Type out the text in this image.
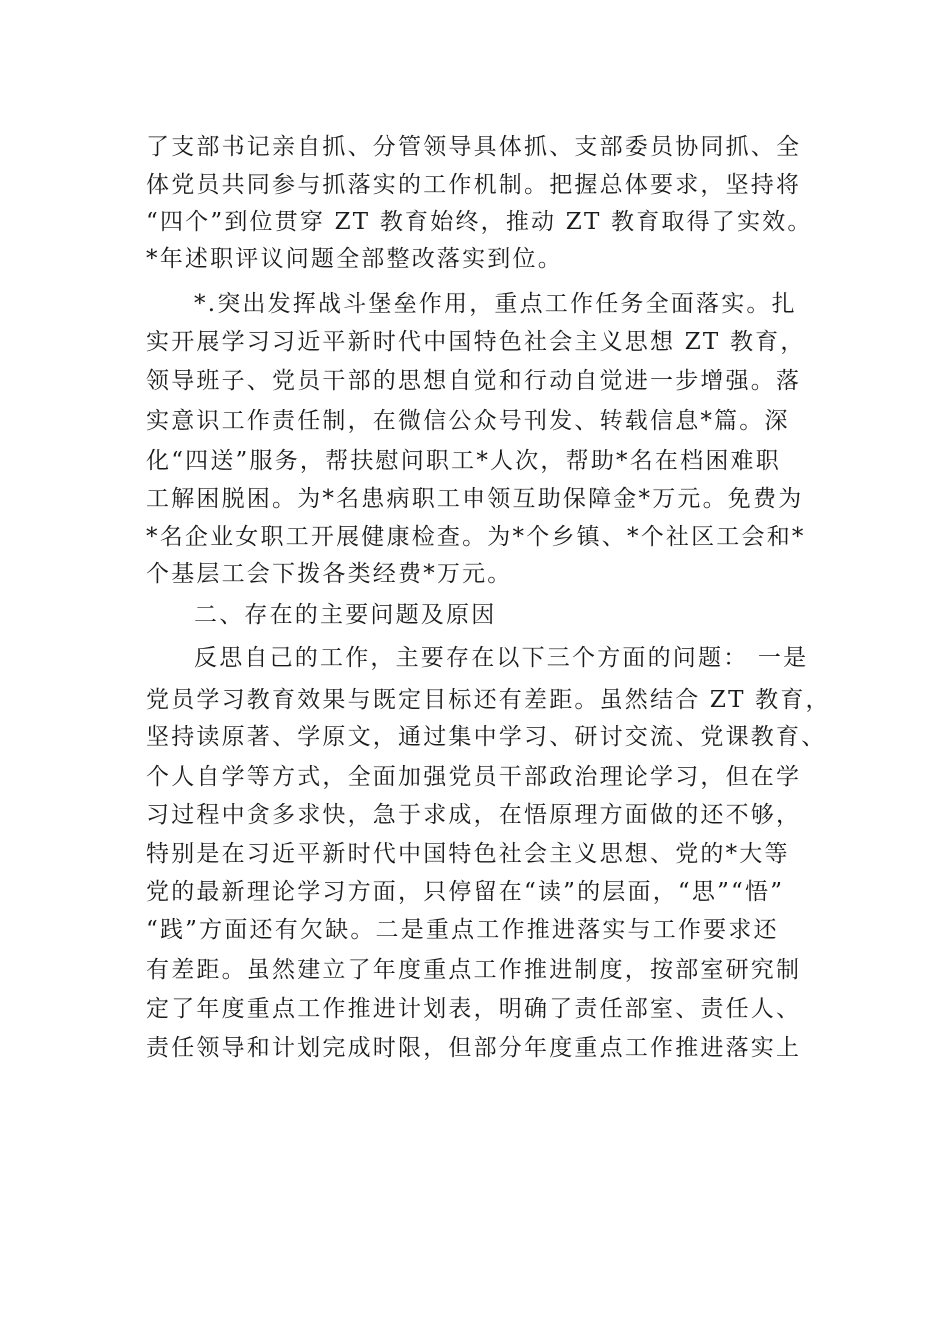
了支部书记亲自抓、分管领导具体抓、支部委员协同抓、全
体党员共同参与抓落实的工作机制。把握总体要求，坚持将
“四个”到位贯穿 ZT 教育始终，推动 ZT 教育取得了实效。
*年述职评议问题全部整改落实到位。
*.突出发挥战斗堡垒作用，重点工作任务全面落实。扎
实开展学习习近平新时代中国特色社会主义思想 ZT 教育，
领导班子、党员干部的思想自觉和行动自觉进一步增强。落
实意识工作责任制，在微信公众号刊发、转载信息*篇。深
化“四送”服务，帮扶慰问职工*人次，帮助*名在档困难职
工解困脱困。为*名患病职工申领互助保障金*万元。免费为
*名企业女职工开展健康检查。为*个乡镇、*个社区工会和*
个基层工会下拨各类经费*万元。
二、存在的主要问题及原因
反思自己的工作，主要存在以下三个方面的问题： 一是
党员学习教育效果与既定目标还有差距。虽然结合 ZT 教育，
坚持读原著、学原文，通过集中学习、研讨交流、党课教育、
个人自学等方式，全面加强党员干部政治理论学习，但在学
习过程中贪多求快，急于求成，在悟原理方面做的还不够，
特别是在习近平新时代中国特色社会主义思想、党的*大等
党的最新理论学习方面，只停留在“读”的层面，“思”“悟”
“践”方面还有欠缺。二是重点工作推进落实与工作要求还
有差距。虽然建立了年度重点工作推进制度，按部室研究制
定了年度重点工作推进计划表，明确了责任部室、责任人、
责任领导和计划完成时限，但部分年度重点工作推进落实上
